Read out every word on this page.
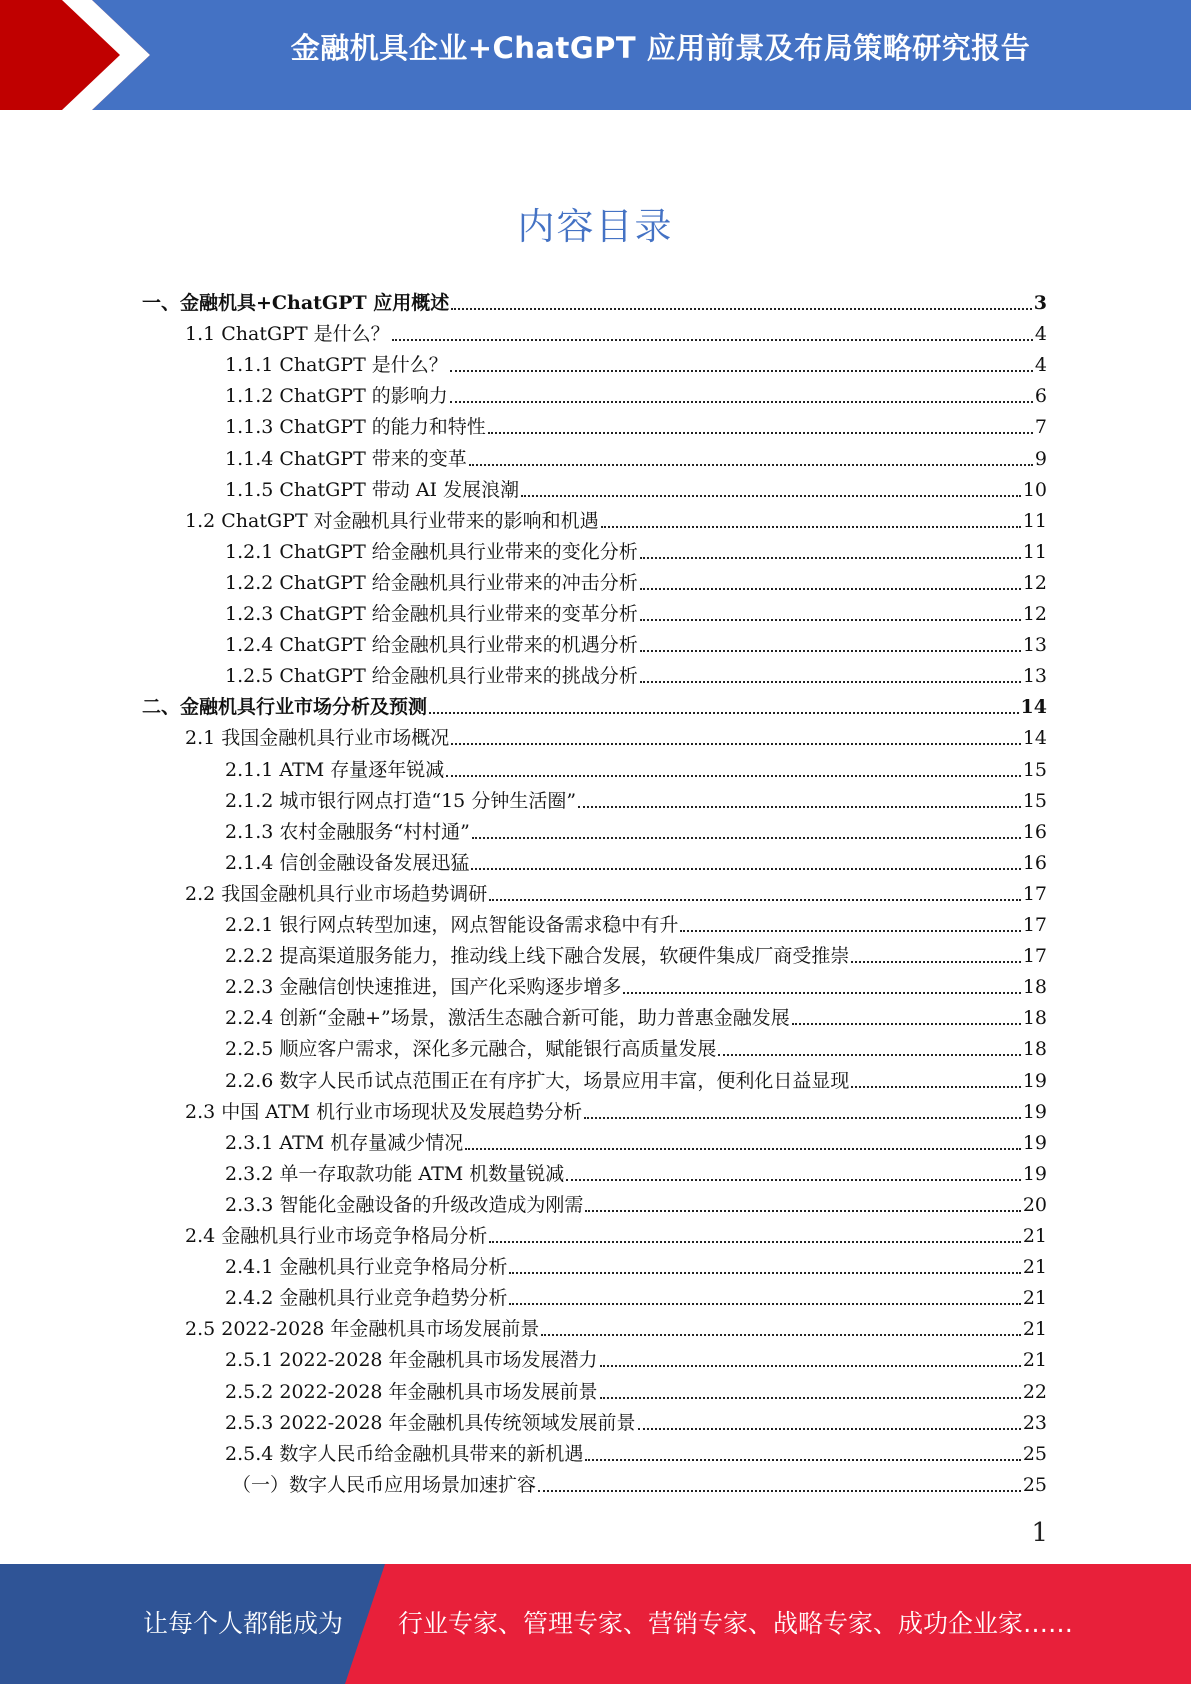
金融机具企业+ChatGPT 应用前景及布局策略研究报告
内容目录
一、金融机具+ChatGPT 应用概述	3
1.1 ChatGPT 是什么？	4
1.1.1 ChatGPT 是什么？	4
1.1.2 ChatGPT 的影响力	6
1.1.3 ChatGPT 的能力和特性	7
1.1.4 ChatGPT 带来的变革	9
1.1.5 ChatGPT 带动 AI 发展浪潮	10
1.2 ChatGPT 对金融机具行业带来的影响和机遇	11
1.2.1 ChatGPT 给金融机具行业带来的变化分析	11
1.2.2 ChatGPT 给金融机具行业带来的冲击分析	12
1.2.3 ChatGPT 给金融机具行业带来的变革分析	12
1.2.4 ChatGPT 给金融机具行业带来的机遇分析	13
1.2.5 ChatGPT 给金融机具行业带来的挑战分析	13
二、金融机具行业市场分析及预测	14
2.1 我国金融机具行业市场概况	14
2.1.1 ATM 存量逐年锐减	15
2.1.2 城市银行网点打造“15 分钟生活圈”	15
2.1.3 农村金融服务“村村通”	16
2.1.4 信创金融设备发展迅猛	16
2.2 我国金融机具行业市场趋势调研	17
2.2.1 银行网点转型加速，网点智能设备需求稳中有升	17
2.2.2 提高渠道服务能力，推动线上线下融合发展，软硬件集成厂商受推崇	17
2.2.3 金融信创快速推进，国产化采购逐步增多	18
2.2.4 创新“金融+”场景，激活生态融合新可能，助力普惠金融发展	18
2.2.5 顺应客户需求，深化多元融合，赋能银行高质量发展	18
2.2.6 数字人民币试点范围正在有序扩大，场景应用丰富，便利化日益显现	19
2.3 中国 ATM 机行业市场现状及发展趋势分析	19
2.3.1 ATM 机存量减少情况	19
2.3.2 单一存取款功能 ATM 机数量锐减	19
2.3.3 智能化金融设备的升级改造成为刚需	20
2.4 金融机具行业市场竞争格局分析	21
2.4.1 金融机具行业竞争格局分析	21
2.4.2 金融机具行业竞争趋势分析	21
2.5 2022-2028 年金融机具市场发展前景	21
2.5.1 2022-2028 年金融机具市场发展潜力	21
2.5.2 2022-2028 年金融机具市场发展前景	22
2.5.3 2022-2028 年金融机具传统领域发展前景	23
2.5.4 数字人民币给金融机具带来的新机遇	25
（一）数字人民币应用场景加速扩容	25
1
让每个人都能成为 行业专家、管理专家、营销专家、战略专家、成功企业家……
